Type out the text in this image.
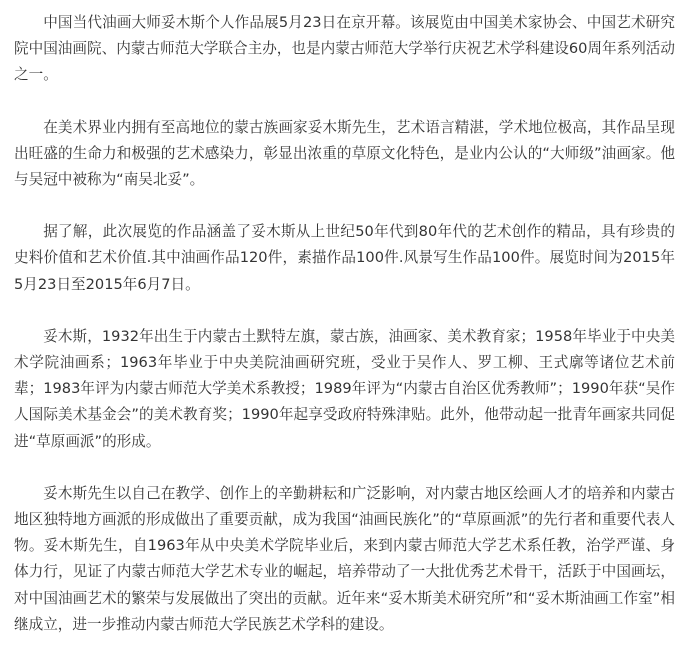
中国当代油画大师妥木斯个人作品展5月23日在京开幕。该展览由中国美术家协会、中国艺术研究院中国油画院、内蒙古师范大学联合主办，也是内蒙古师范大学举行庆祝艺术学科建设60周年系列活动之一。

在美术界业内拥有至高地位的蒙古族画家妥木斯先生，艺术语言精湛，学术地位极高，其作品呈现出旺盛的生命力和极强的艺术感染力，彰显出浓重的草原文化特色，是业内公认的“大师级”油画家。他与吴冠中被称为“南吴北妥”。

据了解，此次展览的作品涵盖了妥木斯从上世纪50年代到80年代的艺术创作的精品，具有珍贵的史料价值和艺术价值.其中油画作品120件，素描作品100件.风景写生作品100件。展览时间为2015年5月23日至2015年6月7日。

妥木斯，1932年出生于内蒙古土默特左旗，蒙古族，油画家、美术教育家；1958年毕业于中央美术学院油画系；1963年毕业于中央美院油画研究班，受业于吴作人、罗工柳、王式廓等诸位艺术前辈；1983年评为内蒙古师范大学美术系教授；1989年评为“内蒙古自治区优秀教师”；1990年获“吴作人国际美术基金会”的美术教育奖；1990年起享受政府特殊津贴。此外，他带动起一批青年画家共同促进“草原画派”的形成。

妥木斯先生以自己在教学、创作上的辛勤耕耘和广泛影响，对内蒙古地区绘画人才的培养和内蒙古地区独特地方画派的形成做出了重要贡献，成为我国“油画民族化”的“草原画派”的先行者和重要代表人物。妥木斯先生，自1963年从中央美术学院毕业后，来到内蒙古师范大学艺术系任教，治学严谨、身体力行，见证了内蒙古师范大学艺术专业的崛起，培养带动了一大批优秀艺术骨干，活跃于中国画坛，对中国油画艺术的繁荣与发展做出了突出的贡献。近年来“妥木斯美术研究所”和“妥木斯油画工作室”相继成立，进一步推动内蒙古师范大学民族艺术学科的建设。
